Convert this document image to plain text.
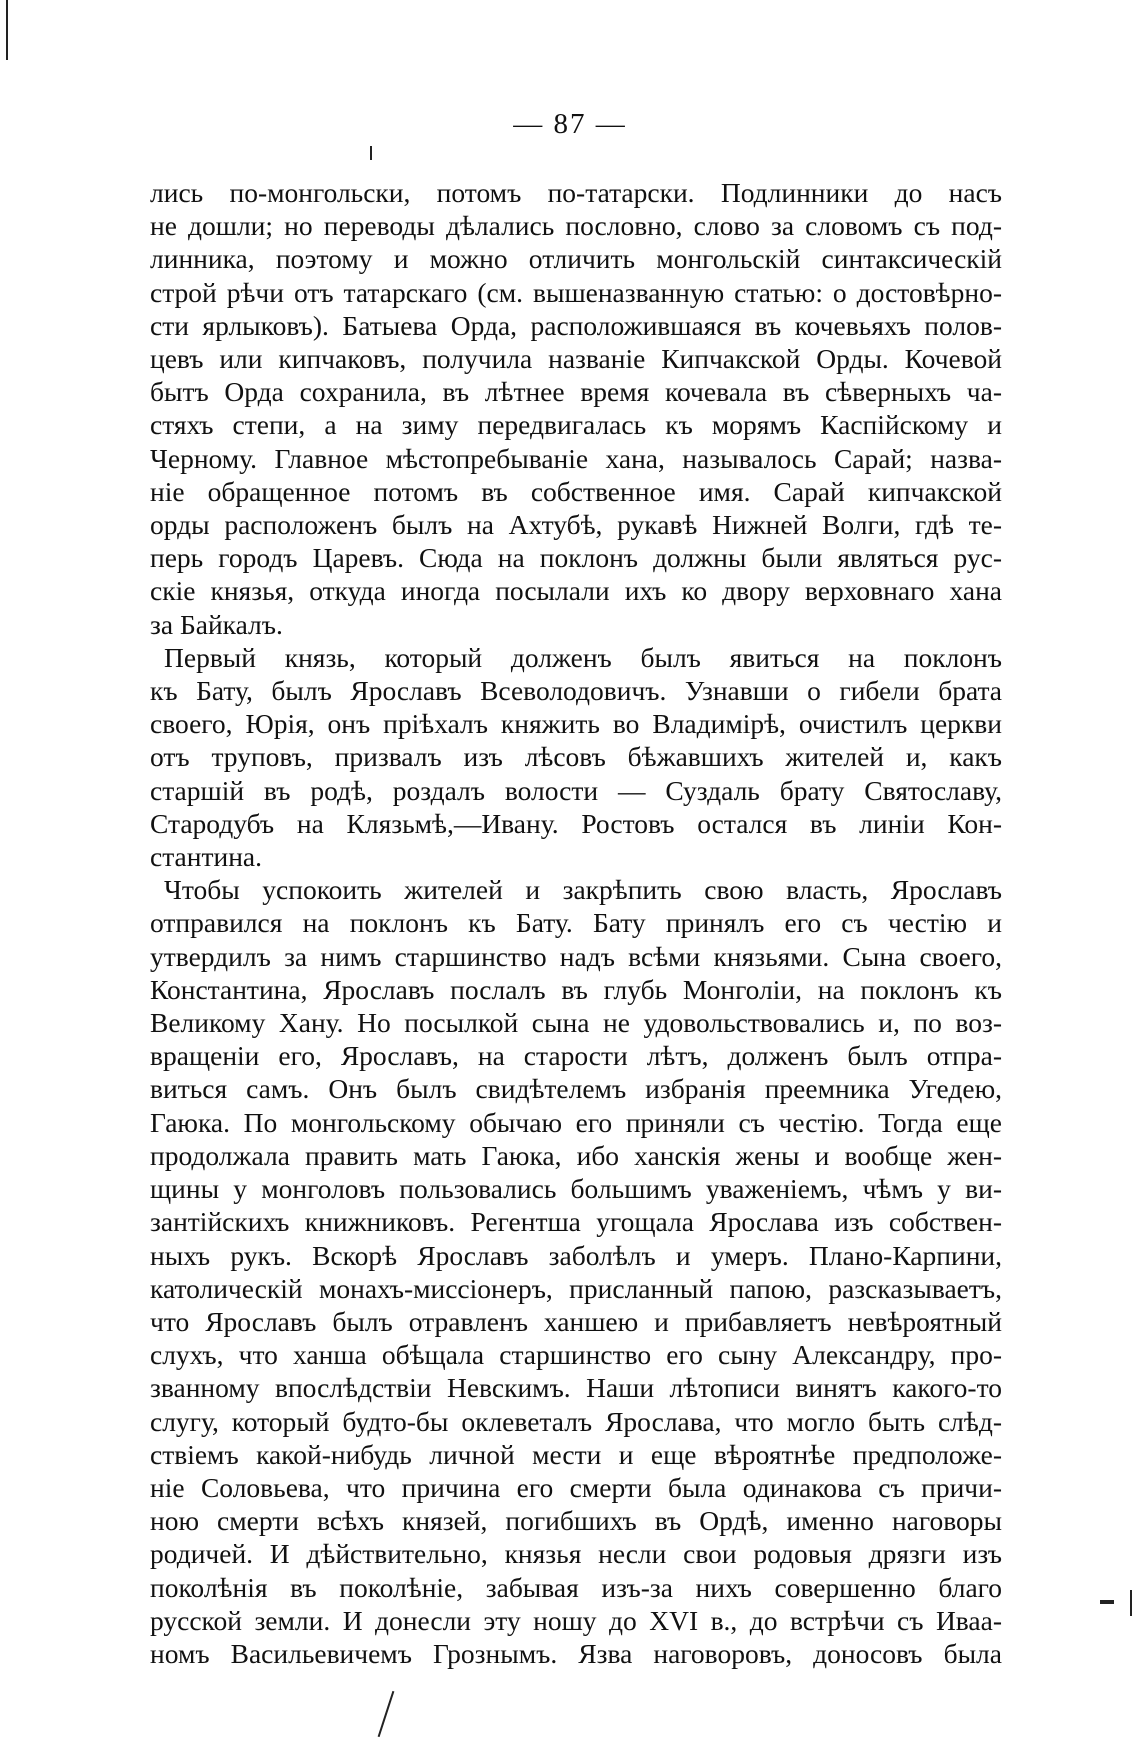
— 87 —
лись по-монгольски, потомъ по-татарски. Подлинники до насъ
не дошли; но переводы дѣлались пословно, слово за словомъ съ под-
линника, поэтому и можно отличить монгольскій синтаксическій
строй рѣчи отъ татарскаго (см. вышеназванную статью: о достовѣрно-
сти ярлыковъ). Батыева Орда, расположившаяся въ кочевьяхъ полов-
цевъ или кипчаковъ, получила названіе Кипчакской Орды. Кочевой
бытъ Орда сохранила, въ лѣтнее время кочевала въ сѣверныхъ ча-
стяхъ степи, а на зиму передвигалась къ морямъ Каспійскому и
Черному. Главное мѣстопребываніе хана, называлось Сарай; назва-
ніе обращенное потомъ въ собственное имя. Сарай кипчакской
орды расположенъ былъ на Ахтубѣ, рукавѣ Нижней Волги, гдѣ те-
перь городъ Царевъ. Сюда на поклонъ должны были являться рус-
скіе князья, откуда иногда посылали ихъ ко двору верховнаго хана
за Байкалъ.
Первый князь, который долженъ былъ явиться на поклонъ
къ Бату, былъ Ярославъ Всеволодовичъ. Узнавши о гибели брата
своего, Юрія, онъ пріѣхалъ княжить во Владимірѣ, очистилъ церкви
отъ труповъ, призвалъ изъ лѣсовъ бѣжавшихъ жителей и, какъ
старшій въ родѣ, роздалъ волости — Суздаль брату Святославу,
Стародубъ на Клязьмѣ,—Ивану. Ростовъ остался въ линіи Кон-
стантина.
Чтобы успокоить жителей и закрѣпить свою власть, Ярославъ
отправился на поклонъ къ Бату. Бату принялъ его съ честію и
утвердилъ за нимъ старшинство надъ всѣми князьями. Сына своего,
Константина, Ярославъ послалъ въ глубь Монголіи, на поклонъ къ
Великому Хану. Но посылкой сына не удовольствовались и, по воз-
вращеніи его, Ярославъ, на старости лѣтъ, долженъ былъ отпра-
виться самъ. Онъ былъ свидѣтелемъ избранія преемника Угедею,
Гаюка. По монгольскому обычаю его приняли съ честію. Тогда еще
продолжала править мать Гаюка, ибо ханскія жены и вообще жен-
щины у монголовъ пользовались большимъ уваженіемъ, чѣмъ у ви-
зантійскихъ книжниковъ. Регентша угощала Ярослава изъ собствен-
ныхъ рукъ. Вскорѣ Ярославъ заболѣлъ и умеръ. Плано-Карпини,
католическій монахъ-миссіонеръ, присланный папою, разсказываетъ,
что Ярославъ былъ отравленъ ханшею и прибавляетъ невѣроятный
слухъ, что ханша обѣщала старшинство его сыну Александру, про-
званному впослѣдствіи Невскимъ. Наши лѣтописи винятъ какого-то
слугу, который будто-бы оклеветалъ Ярослава, что могло быть слѣд-
ствіемъ какой-нибудь личной мести и еще вѣроятнѣе предположе-
ніе Соловьева, что причина его смерти была одинакова съ причи-
ною смерти всѣхъ князей, погибшихъ въ Ордѣ, именно наговоры
родичей. И дѣйствительно, князья несли свои родовыя дрязги изъ
поколѣнія въ поколѣніе, забывая изъ-за нихъ совершенно благо
русской земли. И донесли эту ношу до XVI в., до встрѣчи съ Иваа-
номъ Васильевичемъ Грознымъ. Язва наговоровъ, доносовъ была
